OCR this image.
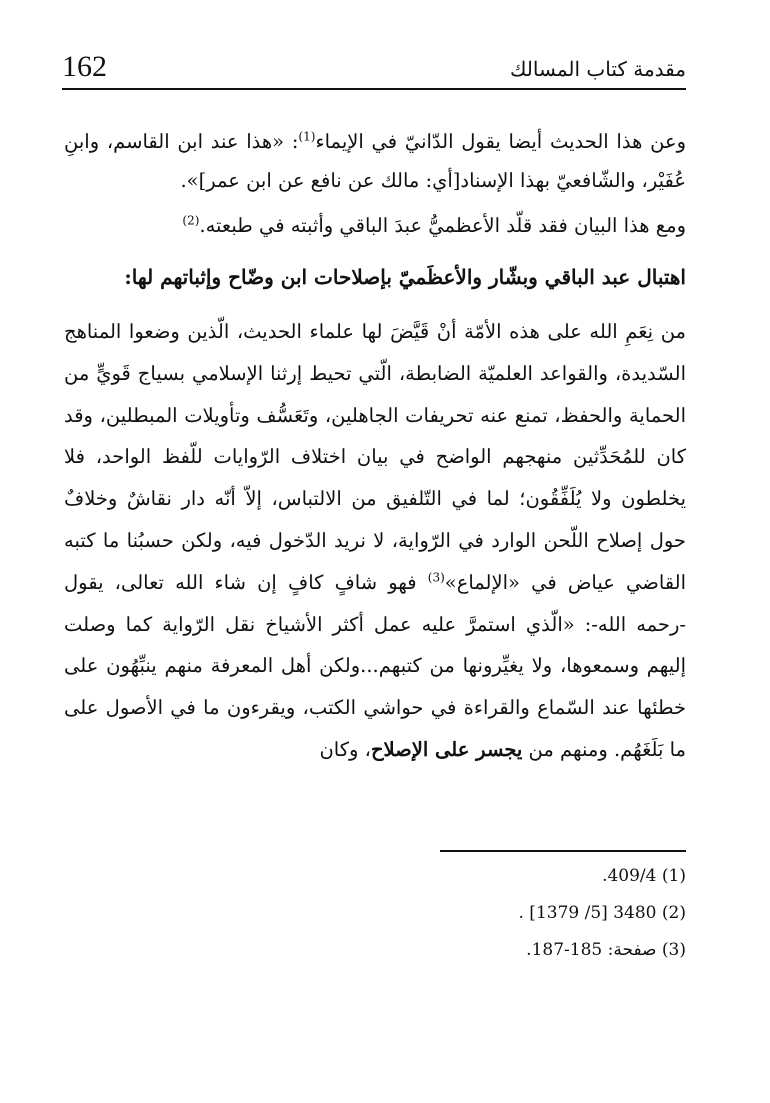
162	مقدمة كتاب المسالك

وعن هذا الحديث أيضا يقول الدّانيّ في الإيماء$^{(1)}$: «هذا عند ابن القاسم، وابنِ عُفَيْر، والشّافعيّ بهذا الإسناد[أي: مالك عن نافع عن ابن عمر]».

ومع هذا البيان فقد قلّد الأعظميُّ عبدَ الباقي وأثبته في طبعته.$^{(2)}$

اهتبال عبد الباقي وبشّار والأعظَميّ بإصلاحات ابن وضّاح وإثباتهم لها:

من نِعَمِ الله على هذه الأمّة أنْ قَيَّضَ لها علماء الحديث، الّذين وضعوا المناهج السّديدة، والقواعد العلميّة الضابطة، الّتي تحيط إرثنا الإسلامي بسياج قَويٍّ من الحماية والحفظ، تمنع عنه تحريفات الجاهلين، وتَعَسُّف وتأويلات المبطلين، وقد كان للمُحَدِّثين منهجهم الواضح في بيان اختلاف الرّوايات للّفظ الواحد، فلا يخلطون ولا يُلَفِّقُون؛ لما في التّلفيق من الالتباس، إلاّ أنّه دار نقاشٌ وخلافٌ حول إصلاح اللّحن الوارد في الرّواية، لا نريد الدّخول فيه، ولكن حسبُنا ما كتبه القاضي عياض في «الإلماع»$^{(3)}$ فهو شافٍ كافٍ إن شاء الله تعالى، يقول -رحمه الله-: «الّذي استمرَّ عليه عمل أكثر الأشياخ نقل الرّواية كما وصلت إليهم وسمعوها، ولا يغيِّرونها من كتبهم...ولكن أهل المعرفة منهم ينبِّهُون على خطئها عند السّماع والقراءة في حواشي الكتب، ويقرءون ما في الأصول على ما بَلَغَهُم. ومنهم من يجسر على الإصلاح، وكان

(1) 409/4.

(2) 3480 [5/ 1379] .

(3) صفحة: 185-187.
